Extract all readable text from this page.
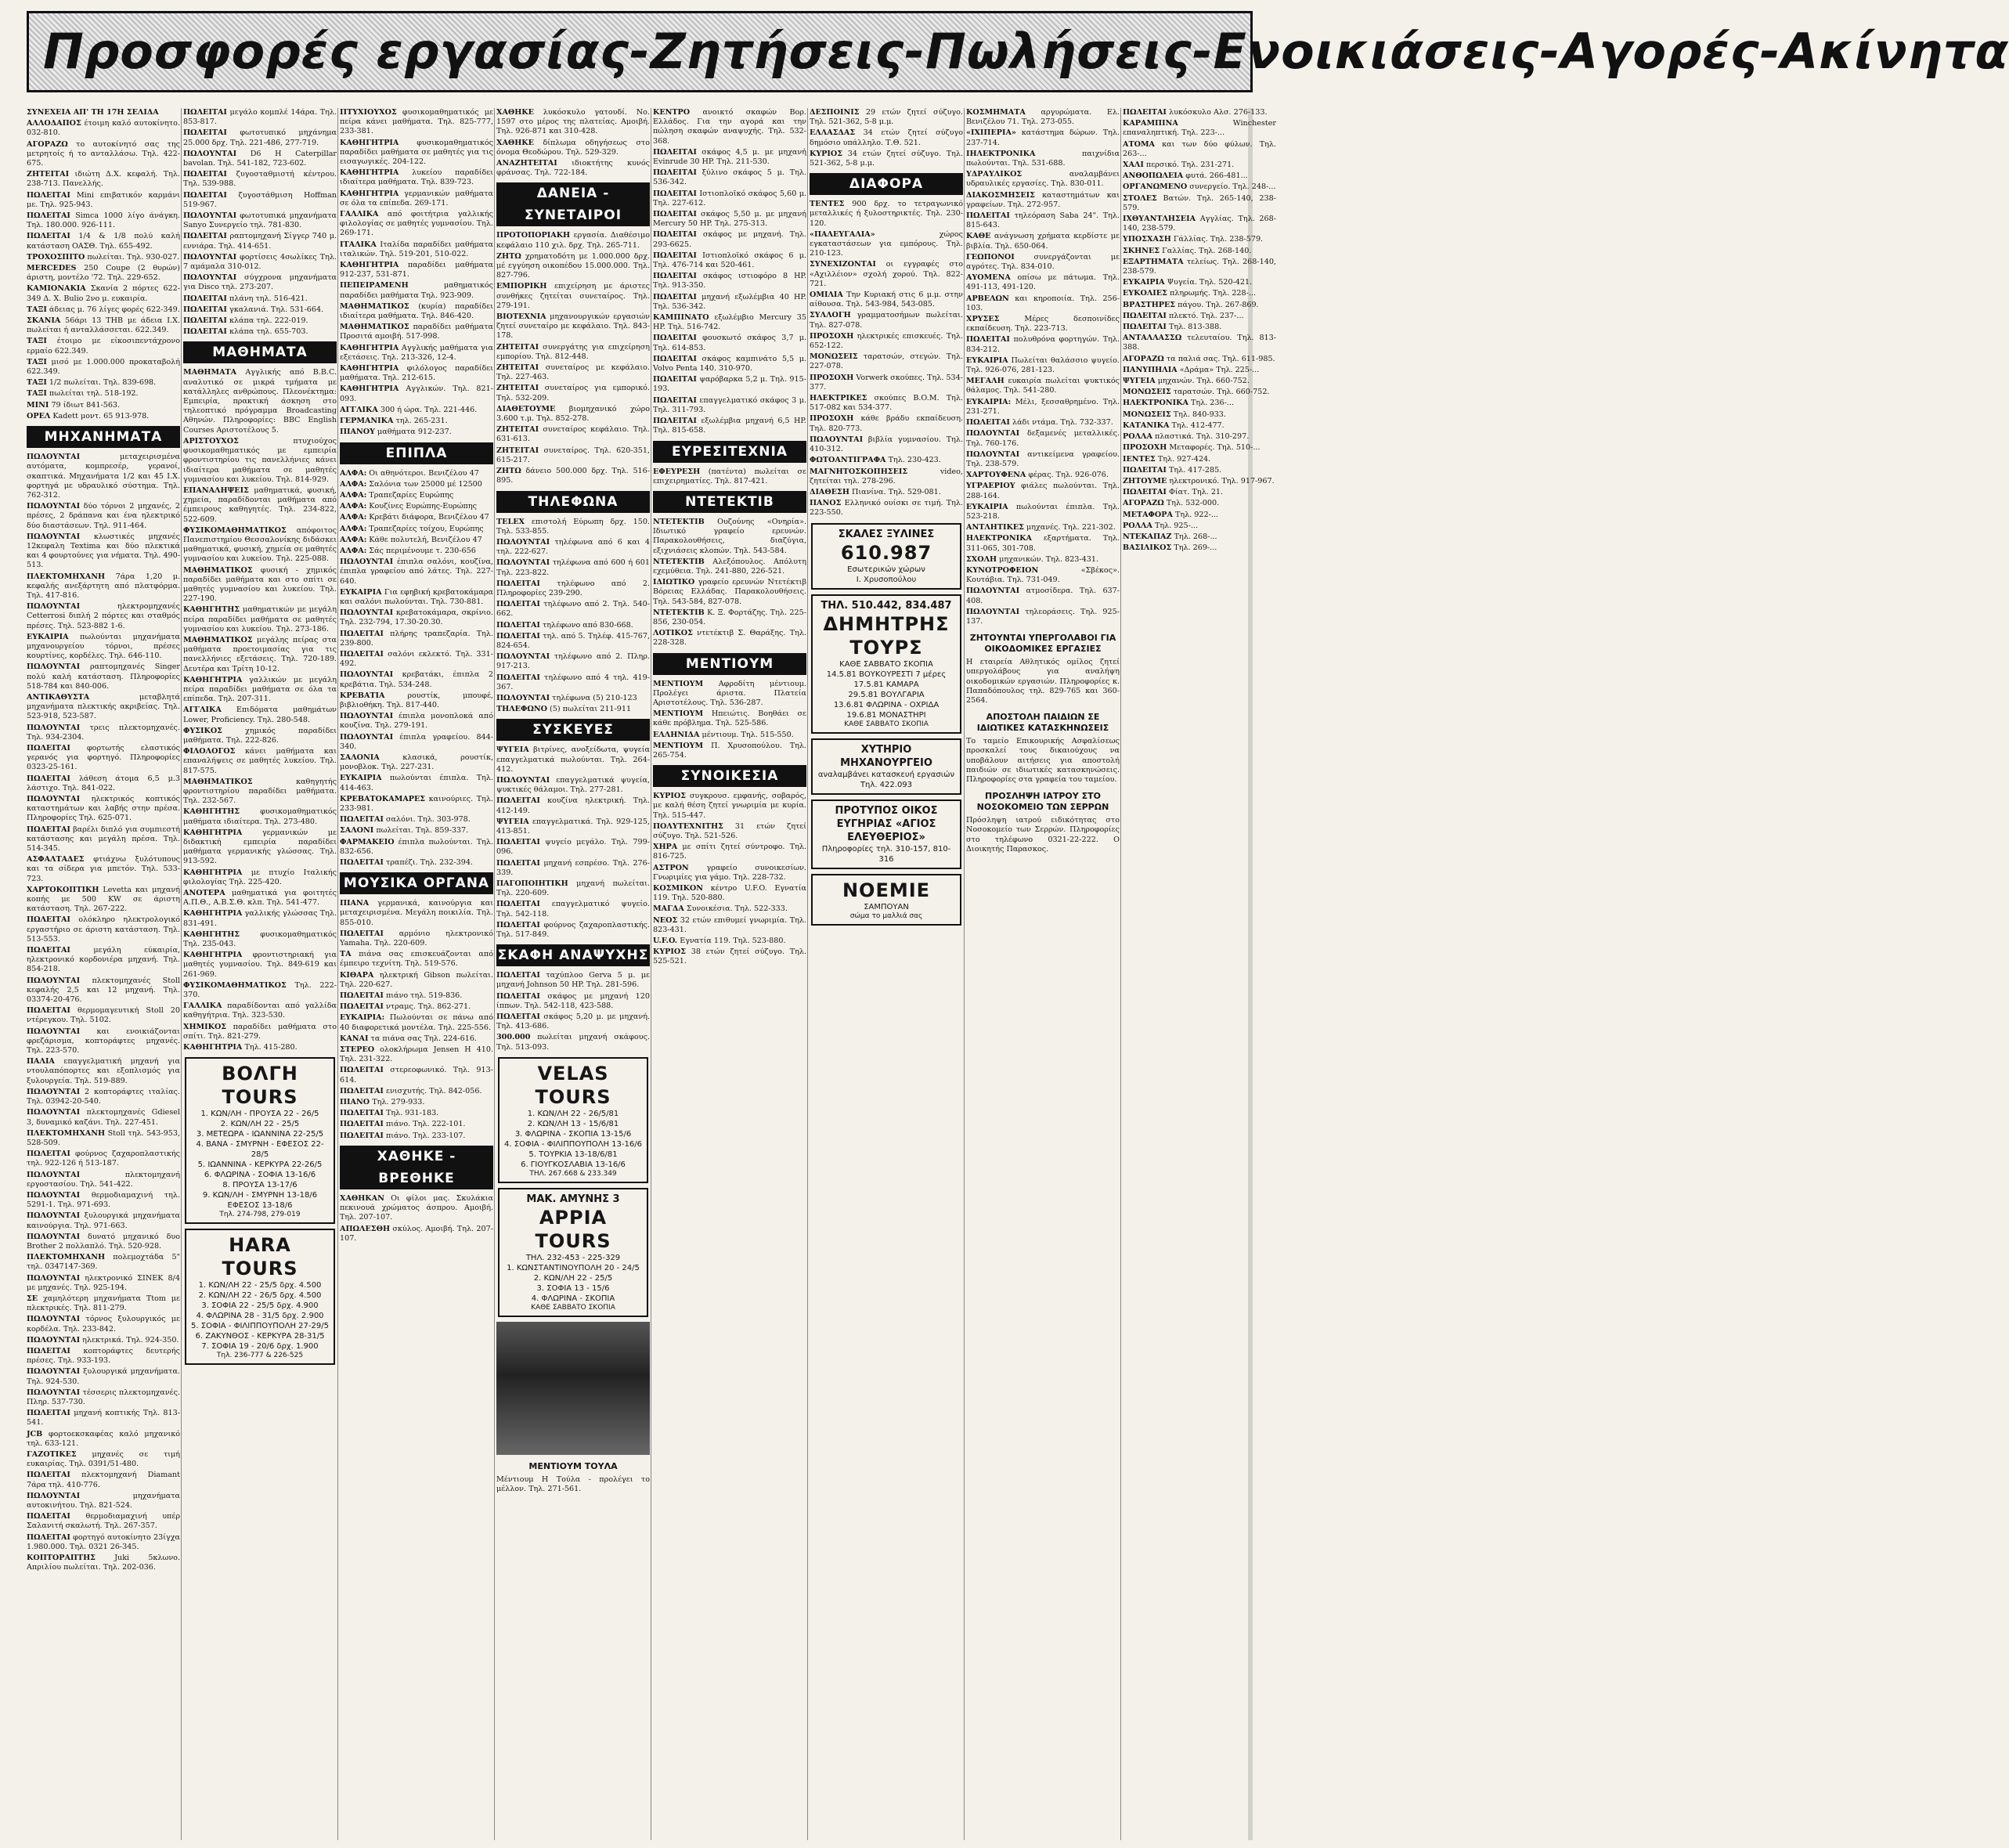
Προσφορές εργασίας-Ζητήσεις-Πωλήσεις-Ενοικιάσεις-Αγορές-Ακίνητα

ΣΥΝΕΧΕΙΑ ΑΠ' ΤΗ 17Η ΣΕΛΙΔΑ

ΑΛΛΟΔΑΠΟΣ έτοιμη καλό αυτοκίνητο. 032-810.

ΑΓΟΡΑΖΩ το αυτοκίνητό σας της μετρητοίς ή το ανταλλάσω. Τηλ. 422-675.

ΖΗΤΕΙΤΑΙ ιδιώτη Δ.Χ. κεφαλή. Τηλ. 238-713. Πανελλής.

ΠΩΛΕΙΤΑΙ Mini επιβατικόν καρμάνι με. Τηλ. 925-943.

ΠΩΛΕΙΤΑΙ Simca 1000 λίγο άνάγκη. Τηλ. 180.000. 926-111.

ΠΩΛΕΙΤΑΙ 1/4 & 1/8 πολύ καλή κατάσταση ΟΑΣΘ. Τηλ. 655-492.

ΤΡΟΧΟΣΠΙΤΟ πωλείται. Τηλ. 930-027.

MERCEDES 250 Coupe (2 θυρών) άριστη, μοντέλο '72. Τηλ. 229-652.

ΚΑΜΙΟΝΑΚΙΑ Σκανία 2 πόρτες 622-349 Δ. Χ. Bulio 2νο μ. ευκαιρία.

ΤΑΞΙ άδειας μ. 76 λίγες φορές 622-349.

ΣΚΑΝΙΑ 56άρι 13 ΤΗΒ με άδεια Ι.Χ. πωλείται ή ανταλλάσσεται. 622.349.

ΤΑΞΙ έτοιμο με είκοσιπεντάχρονο ερμαίο 622.349.

ΤΑΞΙ μισό με 1.000.000 προκαταβολή 622.349.

ΤΑΞΙ 1/2 πωλείται. Τηλ. 839-698.

ΤΑΞΙ πωλείται τηλ. 518-192.

MINI 79 ίδιωτ 841-563.

ΟΡΕΛ Kadett μοντ. 65 913-978.

ΜΗΧΑΝΗΜΑΤΑ

ΠΩΛΟΥΝΤΑΙ	μεταχειρισμένα αυτόματα, κομπρεσέρ, γερανοί, σκαπτικά. Μηχανήματα 1/2 και 45 Ι.Χ. φορτηγά με υδραυλικό σύστημα. Τηλ. 762-312.

ΠΩΛΟΥΝΤΑΙ δύο τόρνοι 2 μηχανές, 2 πρέσες, 2 δράπανα και ένα ηλεκτρικό δύο διαστάσεων. Τηλ. 911-464.

ΠΩΛΟΥΝΤΑΙ κλωστικές μηχανές 12κεφαλη Textima και δύο πλεκτικά και 4 φουρτούνες για νήματα. Τηλ. 490-513.

ΠΛΕΚΤΟΜΗΧΑΝΗ 7άρα 1,20 μ. κεφαλής ανεξάρτητη από πλατφόρμα. Τηλ. 417-816.

ΠΩΛΟΥΝΤΑΙ	ηλεκτρομηχανές Cetterrosi διπλή 2 πόρτες και σταθμός πρέσες. Τηλ. 523-882 1-6.

ΕΥΚΑΙΡΙΑ πωλούνται μηχανήματα μηχανουργείου τόρνοι, πρέσες κουρτίνες, κορδέλες. Τηλ. 646-110.

ΠΩΛΟΥΝΤΑΙ ραπτομηχανές Singer πολύ καλή κατάσταση. Πληροφορίες 518-784 και 840-006.

ΑΝΤΙΚΑΘΥΣΤΑ	μεταβλητά μηχανήματα πλεκτικής ακριβείας. Τηλ. 523-918, 523-587.

ΠΩΛΟΥΝΤΑΙ τρεις πλεκτομηχανές. Τηλ. 934-2304.

ΠΩΛΕΙΤΑΙ φορτωτής ελαστικός γερανός για φορτηγό. Πληροφορίες 0323-25-161.

ΠΩΛΕΙΤΑΙ λάθεση άτομα 6,5 μ.3 λάστιχο. Τηλ. 841-022.

ΠΩΛΟΥΝΤΑΙ ηλεκτρικός κοπτικός καταστημάτων και λαβής στην πρέσα. Πληροφορίες Τηλ. 625-071.

ΠΩΛΕΙΤΑΙ βαρέλι διπλό για συμπιεστή κατάστασης και μεγάλη πρέσα. Τηλ. 514-345.

ΑΣΦΑΛΤΑΔΕΣ φτιάχνω ξυλότυπους και τα σίδερα για μπετόν. Τηλ. 533-723.

ΧΑΡΤΟΚΟΠΤΙΚΗ Levetta και μηχανή κοπής με 500 KW σε άριστη κατάσταση. Τηλ. 267-222.

ΠΩΛΕΙΤΑΙ ολόκληρο ηλεκτρολογικό εργαστήριο σε άριστη κατάσταση. Τηλ. 513-553.

ΠΩΛΕΙΤΑΙ	μεγάλη εύκαιρία, ηλεκτρονικό κορδονιέρα μηχανή. Τηλ. 854-218.

ΠΩΛΟΥΝΤΑΙ πλεκτομηχανές Stoll κεφαλής 2,5 και 12 μηχανή. Τηλ. 03374-20-476.

ΠΩΛΕΙΤΑΙ θερμομαγευτική Stoll 20 ντέρεγκου. Τηλ. 5102.

ΠΩΛΟΥΝΤΑΙ και ενοικιάζονται φρεζάρισμα, κοπτοράφτες μηχανές. Τηλ. 223-570.

ΠΑΛΙΑ επαγγελματική μηχανή για ντουλαπόπορτες και εξοπλισμός για ξυλουργεία. Τηλ. 519-889.

ΠΩΛΟΥΝΤΑΙ 2 κοπτοράφτες ιταλίας. Τηλ. 03942-20-540.

ΠΩΛΟΥΝΤΑΙ πλεκτομηχανές Gdiesel 3, δυναμικό καζάνι. Τηλ. 227-451.

ΠΛΕΚΤΟΜΗΧΑΝΗ Stoll τηλ. 543-953, 528-509.

ΠΩΛΕΙΤΑΙ φούρνος ζαχαροπλαστικής τηλ. 922-126 ή 513-187.

ΠΩΛΟΥΝΤΑΙ	πλεκτομηχανή εργοστασίου. Τηλ. 541-422.

ΠΩΛΟΥΝΤΑΙ θερμοδιαμαχινή τηλ. 5291-1. Τηλ. 971-693.

ΠΩΛΟΥΝΤΑΙ ξυλουργικά μηχανήματα καινούργια. Τηλ. 971-663.

ΠΩΛΟΥΝΤΑΙ δυνατό μηχανικό δυο Brother 2 πολλαπλό. Τηλ. 520-928.

ΠΛΕΚΤΟΜΗΧΑΝΗ πολεμοχτάδα 5" τηλ. 0347147-369.

ΠΩΛΟΥΝΤΑΙ ηλεκτρονικό ΣΙΝΕΚ 8/4 με μηχανές. Τηλ. 925-194.

ΣΕ χαμηλότερη μηχανήματα Ttom με πλεκτρικές. Τηλ. 811-279.

ΠΩΛΟΥΝΤΑΙ τόρνος ξυλουργικός με κορδέλα. Τηλ. 233-842.

ΠΩΛΟΥΝΤΑΙ ηλεκτρικά. Τηλ. 924-350.

ΠΩΛΕΙΤΑΙ κοπτοράφτες δευτερής πρέσες. Τηλ. 933-193.

ΠΩΛΟΥΝΤΑΙ ξυλουργικά μηχανήματα. Τηλ. 924-530.

ΠΩΛΟΥΝΤΑΙ τέσσερις πλεκτομηχανές. Πληρ. 537-730.

ΠΩΛΕΙΤΑΙ μηχανή κοπτικής Τηλ. 813-541.

JCB φορτοεκσκαφέας καλό μηχανικό τηλ. 633-121.

ΓΑΖΟΤΙΚΕΣ μηχανές σε τιμή ευκαιρίας. Τηλ. 0391/51-480.

ΠΩΛΕΙΤΑΙ πλεκτομηχανή Diamant 7άρα τηλ. 410-776.

ΠΩΛΟΥΝΤΑΙ	μηχανήματα αυτοκινήτου. Τηλ. 821-524.

ΠΩΛΕΙΤΑΙ θερμοδιαμαχινή υπέρ Σαλανιτή σκαλωτή. Τηλ. 267-357.

ΠΩΛΕΙΤΑΙ φορτηγό αυτοκίνητο 23ίγχα 1.980.000. Τηλ. 0321 26-345.

ΚΟΠΤΟΡΑΠΤΗΣ	Juki 5κλωνο. Απριλίου πωλείται. Τηλ. 202-036.

ΠΩΛΕΙΤΑΙ μεγάλο κομπλέ 14άρα. Τηλ. 853-817.

ΠΩΛΕΙΤΑΙ φωτοτυπικό μηχάνημα 25.000 δρχ. Τηλ. 221-486, 277-719.

ΠΩΛΟΥΝΤΑΙ D6 Η Caterpillar bavolan. Τηλ. 541-182, 723-602.

ΠΩΛΕΙΤΑΙ ζυγοσταθμιστή κέντρου. Τηλ. 539-988.

ΠΩΛΕΙΤΑΙ ζυγοστάθμιση Hoffman 519-967.

ΠΩΛΟΥΝΤΑΙ φωτοτυπικά μηχανήματα Sanyo Συνεργείο τηλ. 781-830.

ΠΩΛΕΙΤΑΙ ραπτομηχανή Σίγγερ 740 μ. εννιάρα. Τηλ. 414-651.

ΠΩΛΟΥΝΤΑΙ φορτίσεις 4σωλίκες Τηλ. 7 αμάμαλα 310-012.

ΠΩΛΟΥΝΤΑΙ σύγχρονα μηχανήματα για Disco τηλ. 273-207.

ΠΩΛΕΙΤΑΙ πλάνη τηλ. 516-421.

ΠΩΛΕΙΤΑΙ γκαλανιά. Τηλ. 531-664.

ΠΩΛΕΙΤΑΙ κλάπα τηλ. 222-019.

ΠΩΛΕΙΤΑΙ κλάπα τηλ. 655-703.

ΜΑΘΗΜΑΤΑ

ΜΑΘΗΜΑΤΑ Αγγλικής από Β.Β.C. αναλυτικό σε μικρά τμήματα με κατάλληλες ανθρώπους. Πλεονέκτημα: Εμπειρία, πρακτική άσκηση στο τηλεοπτικό πρόγραμμα Broadcasting Αθηνών. Πληροφορίες: BBC English Courses Αριστοτέλους 5.

ΑΡΙΣΤΟΥΧΟΣ	πτυχιούχος φυσικομαθηματικός με εμπειρία φροντιστηρίου τις πανελλήνιες κάνει ιδιαίτερα μαθήματα σε μαθητές γυμνασίου και λυκείου. Τηλ. 814-929.

ΕΠΑΝΑΛΗΨΕΙΣ μαθηματικά, φυσική, χημεία, παραδίδονται μαθήματα από έμπειρους καθηγητές. Τηλ. 234-822, 522-609.

ΦΥΣΙΚΟΜΑΘΗΜΑΤΙΚΟΣ απόφοιτος Πανεπιστημίου Θεσσαλονίκης διδάσκει μαθηματικά, φυσική, χημεία σε μαθητές γυμνασίου και λυκείου. Τηλ. 225-088.

ΜΑΘΗΜΑΤΙΚΟΣ φυσική - χημικός παραδίδει μαθήματα και στο σπίτι σε μαθητές γυμνασίου και λυκείου. Τηλ. 227-190.

ΚΑΘΗΓΗΤΗΣ μαθηματικών με μεγάλη πείρα παραδίδει μαθήματα σε μαθητές γυμνασίου και λυκείου. Τηλ. 273-186.

ΜΑΘΗΜΑΤΙΚΟΣ μεγάλης πείρας στα μαθήματα προετοιμασίας για τις πανελλήνιες εξετάσεις. Τηλ. 720-189. Δευτέρα και Τρίτη 10-12.

ΚΑΘΗΓΗΤΡΙΑ γαλλικών με μεγάλη πείρα παραδίδει μαθήματα σε όλα τα επίπεδα. Τηλ. 207-311.

ΑΓΓΛΙΚΑ Επιδόματα μαθημάτων Lower, Proficiency. Τηλ. 280-548.

ΦΥΣΙΚΟΣ	χημικός παραδίδει μαθήματα. Τηλ. 222-826.

ΦΙΛΟΛΟΓΟΣ κάνει μαθήματα και επαναλήψεις σε μαθητές λυκείου. Τηλ. 817-575.

ΜΑΘΗΜΑΤΙΚΟΣ	καθηγητής φροντιστηρίου παραδίδει μαθήματα. Τηλ. 232-567.

ΚΑΘΗΓΗΤΗΣ	φυσικομαθηματικός μαθήματα ιδιαίτερα. Τηλ. 273-480.

ΚΑΘΗΓΗΤΡΙΑ	γερμανικών με διδακτική εμπειρία παραδίδει μαθήματα γερμανικής γλώσσας. Τηλ. 913-592.

ΚΑΘΗΓΗΤΡΙΑ με πτυχίο Ιταλικής φιλολογίας Τηλ. 225-420.

ΑΝΟΤΕΡΑ μαθηματικά για φοιτητές Α.Π.Θ., Α.Β.Σ.Θ. κλπ. Τηλ. 541-477.

ΚΑΘΗΓΗΤΡΙΑ γαλλικής γλώσσας Τηλ. 831-491.

ΚΑΘΗΓΗΤΗΣ	φυσικομαθηματικός Τηλ. 235-043.

ΚΑΘΗΓΗΤΡΙΑ φροντιστηριακή για μαθητές γυμνασίου. Τηλ. 849-619 και 261-969.

ΦΥΣΙΚΟΜΑΘΗΜΑΤΙΚΟΣ Τηλ. 222-370.

ΓΑΛΛΙΚΑ παραδίδονται από γαλλίδα καθηγήτρια. Τηλ. 323-530.

ΧΗΜΙΚΟΣ παραδίδει μαθήματα στο σπίτι. Τηλ. 821-279.

ΚΑΘΗΓΗΤΡΙΑ Τηλ. 415-280.

ΒΟΛΓΗ TOURS
1. ΚΩΝ/ΛΗ - ΠΡΟΥΣΑ 22 - 26/5
2. ΚΩΝ/ΛΗ 22 - 25/5
3. ΜΕΤΕΩΡΑ - ΙΩΑΝΝΙΝΑ 22-25/5
4. ΒΑΝΑ - ΣΜΥΡΝΗ - ΕΦΕΣΟΣ 22-28/5
5. ΙΩΑΝΝΙΝΑ - ΚΕΡΚΥΡΑ 22-26/5
6. ΦΛΩΡΙΝΑ - ΣΟΦΙΑ 13-16/6
8. ΠΡΟΥΣΑ 13-17/6
9. ΚΩΝ/ΛΗ - ΣΜΥΡΝΗ 13-18/6
ΕΦΕΣΟΣ 13-18/6
Τηλ. 274-798, 279-019
HARA TOURS
1. ΚΩΝ/ΛΗ 22 - 25/5 δρχ. 4.500
2. ΚΩΝ/ΛΗ 22 - 26/5 δρχ. 4.500
3. ΣΟΦΙΑ 22 - 25/5 δρχ. 4.900
4. ΦΛΩΡΙΝΑ 28 - 31/5 δρχ. 2.900
5. ΣΟΦΙΑ - ΦΙΛΙΠΠΟΥΠΟΛΗ 27-29/5
6. ΖΑΚΥΝΘΟΣ - ΚΕΡΚΥΡΑ 28-31/5
7. ΣΟΦΙΑ 19 - 20/6 δρχ. 1.900
Τηλ. 236-777 & 226-525

ΠΤΥΧΙΟΥΧΟΣ φυσικομαθηματικός με πείρα κάνει μαθήματα. Τηλ. 825-777, 233-381.

ΚΑΘΗΓΗΤΡΙΑ φυσικομαθηματικός παραδίδει μαθήματα σε μαθητές για τις εισαγωγικές. 204-122.

ΚΑΘΗΓΗΤΡΙΑ λυκείου παραδίδει ιδιαίτερα μαθήματα. Τηλ. 839-723.

ΚΑΘΗΓΗΤΡΙΑ γερμανικών μαθήματα σε όλα τα επίπεδα. 269-171.

ΓΑΛΛΙΚΑ από φοιτήτρια γαλλικής φιλολογίας σε μαθητές γυμνασίου. Τηλ. 269-171.

ΙΤΑΛΙΚΑ Ιταλίδα παραδίδει μαθήματα ιταλικών. Τηλ. 519-201, 510-022.

ΚΑΘΗΓΗΤΡΙΑ παραδίδει μαθήματα 912-237, 531-871.

ΠΕΠΕΙΡΑΜΕΝΗ	μαθηματικός παραδίδει μαθήματα Τηλ. 923-909.

ΜΑΘΗΜΑΤΙΚΟΣ (κυρία) παραδίδει ιδιαίτερα μαθήματα. Τηλ. 846-420.

ΜΑΘΗΜΑΤΙΚΟΣ παραδίδει μαθήματα Προσιτά αμοιβή. 517-998.

ΚΑΘΗΓΗΤΡΙΑ Αγγλικής μαθήματα για εξετάσεις. Τηλ. 213-326, 12-4.

ΚΑΘΗΓΗΤΡΙΑ φιλόλογος παραδίδει μαθήματα. Τηλ. 212-615.

ΚΑΘΗΓΗΤΡΙΑ Αγγλικών. Τηλ. 821-093.

ΑΓΓΛΙΚΑ 300 ή ώρα. Τηλ. 221-446.

ΓΕΡΜΑΝΙΚΑ τηλ. 265-231.

ΠΙΑΝΟΥ μαθήματα 912-237.

ΕΠΙΠΛΑ

ΑΛΦΑ: Οι αθηνότεροι. Βενιζέλου 47

ΑΛΦΑ: Σαλόνια των 25000 μέ 12500

ΑΛΦΑ: Τραπεζαρίες Ευρώπης

ΑΛΦΑ: Κουζίνες Ευρώπης-Ευρώπης

ΑΛΦΑ: Κρεβάτι διάφορα, Βενιζέλου 47

ΑΛΦΑ: Τραπεζαρίες τοίχου, Ευρώπης

ΑΛΦΑ: Κάθε πολυτελή, Βενιζέλου 47

ΑΛΦΑ: Σάς περιμένουμε τ. 230-656

ΠΩΛΟΥΝΤΑΙ έπιπλα σαλόνι, κουζίνα, έπιπλα γραφείου από λάτες. Τηλ. 227-640.

ΕΥΚΑΙΡΙΑ Για εφηβική κρεβατοκάμαρα και σαλόνι πωλούνται. Τηλ. 730-881.

ΠΩΛΟΥΝΤΑΙ κρεβατοκάμαρα, σκρίνιο. Τηλ. 232-794, 17.30-20.30.

ΠΩΛΕΙΤΑΙ πλήρης τραπεζαρία. Τηλ. 239-800.

ΠΩΛΕΙΤΑΙ σαλόνι εκλεκτό. Τηλ. 331-492.

ΠΩΛΟΥΝΤΑΙ κρεβατάκι, έπιπλα 2 κρεβάτια. Τηλ. 534-248.

ΚΡΕΒΑΤΙΑ	ρουστίκ, μπουφέ, βιβλιοθήκη. Τηλ. 817-440.

ΠΩΛΟΥΝΤΑΙ έπιπλα μονοπλοκά από κουζίνα. Τηλ. 279-191.

ΠΩΛΟΥΝΤΑΙ έπιπλα γραφείου. 844-340.

ΣΑΛΟΝΙΑ	κλασικά, ρουστίκ, μονοβλοκ. Τηλ. 227-231.

ΕΥΚΑΙΡΙΑ πωλούνται έπιπλα. Τηλ. 414-463.

ΚΡΕΒΑΤΟΚΑΜΑΡΕΣ καινούριες. Τηλ. 233-981.

ΠΩΛΕΙΤΑΙ σαλόνι. Τηλ. 303-978.

ΣΑΛΟΝΙ πωλείται. Τηλ. 859-337.

ΦΑΡΜΑΚΕΙΟ έπιπλα πωλούνται. Τηλ. 832-656.

ΠΩΛΕΙΤΑΙ τραπέζι. Τηλ. 232-394.

ΜΟΥΣΙΚΑ ΟΡΓΑΝΑ

ΠΙΑΝΑ γερμανικά, καινούργια και μεταχειρισμένα. Μεγάλη ποικιλία. Τηλ. 855-010.

ΠΩΛΕΙΤΑΙ αρμόνιο ηλεκτρονικό Yamaha. Τηλ. 220-609.

ΤΑ πιάνα σας επισκευάζονται από έμπειρο τεχνίτη. Τηλ. 519-576.

ΚΙΘΑΡΑ ηλεκτρική Gibson πωλείται. Τηλ. 220-627.

ΠΩΛΕΙΤΑΙ πιάνο τηλ. 519-836.

ΠΩΛΕΙΤΑΙ ντραμς. Τηλ. 862-271.

ΕΥΚΑΙΡΙΑ: Πωλούνται σε πάνω από 40 διαφορετικά μοντέλα. Τηλ. 225-556.

ΚΑΝΑΙ τα πιάνα σας Τηλ. 224-616.

ΣΤΕΡΕΟ ολοκλήρωμα Jensen Η 410. Τηλ. 231-322.

ΠΩΛΕΙΤΑΙ στερεοφωνικό. Τηλ. 913-614.

ΠΩΛΕΙΤΑΙ ενισχυτής. Τηλ. 842-056.

ΠΙΑΝΟ Τηλ. 279-933.

ΠΩΛΕΙΤΑΙ Τηλ. 931-183.

ΠΩΛΕΙΤΑΙ πιάνο. Τηλ. 222-101.

ΠΩΛΕΙΤΑΙ πιάνο. Τηλ. 233-107.

ΧΑΘΗΚΕ - ΒΡΕΘΗΚΕ

ΧΑΘΗΚΑΝ Οι φίλοι μας. Σκυλάκια πεκινουά χρώματος άσπρου. Αμοιβή. Τηλ. 207-107.

ΑΠΩΛΕΣΘΗ σκύλος. Αμοιβή. Τηλ. 207-107.

ΧΑΘΗΚΕ λυκόσκυλο γατουδί. Νο. 1597 στο μέρος της πλατείας. Αμοιβή. Τηλ. 926-871 και 310-428.

ΧΑΘΗΚΕ δίπλωμα οδηγήσεως στο όνομα Θεοδώρου. Τηλ. 529-329.

ΑΝΑΖΗΤΕΙΤΑΙ ιδιοκτήτης κυνός φράνσας. Τηλ. 722-184.

ΔΑΝΕΙΑ - ΣΥΝΕΤΑΙΡΟΙ

ΠΡΟΤΟΠΟΡΙΑΚΗ εργασία. Διαθέσιμο κεφάλαιο 110 χιλ. δρχ. Τηλ. 265-711.

ΖΗΤΩ χρηματοδότη με 1.000.000 δρχ. μέ εγγύηση οικοπέδου 15.000.000. Τηλ. 827-796.

ΕΜΠΟΡΙΚΗ επιχείρηση με άριστες συνθήκες ζητείται συνεταίρος. Τηλ. 279-191.

ΒΙΟΤΕΧΝΙΑ μηχανουργικών εργασιών ζητεί συνεταίρο με κεφάλαιο. Τηλ. 843-178.

ΖΗΤΕΙΤΑΙ συνεργάτης για επιχείρηση εμπορίου. Τηλ. 812-448.

ΖΗΤΕΙΤΑΙ συνεταίρος με κεφάλαιο. Τηλ. 227-463.

ΖΗΤΕΙΤΑΙ συνεταίρος για εμπορικό. Τηλ. 532-209.

ΔΙΑΘΕΤΟΥΜΕ βιομηχανικό χώρο 3.600 τ.μ. Τηλ. 852-278.

ΖΗΤΕΙΤΑΙ συνεταίρος κεφάλαιο. Τηλ. 631-613.

ΖΗΤΕΙΤΑΙ συνεταίρος. Τηλ. 620-351, 615-217.

ΖΗΤΩ δάνειο 500.000 δρχ. Τηλ. 516-895.

ΤΗΛΕΦΩΝΑ

TELEX επιστολή Εύρωπη δρχ. 150. Τηλ. 533-855.

ΠΩΛΟΥΝΤΑΙ τηλέφωνα από 6 και 4 τηλ. 222-627.

ΠΩΛΟΥΝΤΑΙ τηλέφωνα από 600 ή 601 Τηλ. 223-822.

ΠΩΛΕΙΤΑΙ τηλέφωνο από 2. Πληροφορίες 239-290.

ΠΩΛΕΙΤΑΙ τηλέφωνο από 2. Τηλ. 540-662.

ΠΩΛΕΙΤΑΙ τηλέφωνο από 830-668.

ΠΩΛΕΙΤΑΙ τηλ. από 5. Τηλέφ. 415-767, 824-654.

ΠΩΛΟΥΝΤΑΙ τηλέφωνο από 2. Πληρ. 917-213.

ΠΩΛΕΙΤΑΙ τηλέφωνο από 4 τηλ. 419-367.

ΠΩΛΟΥΝΤΑΙ τηλέφωνα (5) 210-123

ΤΗΛΕΦΩΝΟ (5) πωλείται 211-911

ΣΥΣΚΕΥΕΣ

ΨΥΓΕΙΑ βιτρίνες, ανοξείδωτα, ψυγεία επαγγελματικά πωλούνται. Τηλ. 264-412.

ΠΩΛΟΥΝΤΑΙ επαγγελματικά ψυγεία, ψυκτικές θάλαμοι. Τηλ. 277-281.

ΠΩΛΕΙΤΑΙ κουζίνα ηλεκτρική. Τηλ. 412-149.

ΨΥΓΕΙΑ επαγγελματικά. Τηλ. 929-125, 413-851.

ΠΩΛΕΙΤΑΙ ψυγείο μεγάλο. Τηλ. 799-096.

ΠΩΛΕΙΤΑΙ μηχανή εσπρέσο. Τηλ. 276-339.

ΠΑΓΟΠΟΙΗΤΙΚΗ μηχανή πωλείται. Τηλ. 220-609.

ΠΩΛΕΙΤΑΙ επαγγελματικό ψυγείο. Τηλ. 542-118.

ΠΩΛΕΙΤΑΙ φούρνος ζαχαροπλαστικής. Τηλ. 517-849.

ΣΚΑΦΗ ΑΝΑΨΥΧΗΣ

ΠΩΛΕΙΤΑΙ ταχύπλοο Gerva 5 μ. με μηχανή Johnson 50 HP. Τηλ. 281-596.

ΠΩΛΕΙΤΑΙ σκάφος με μηχανή 120 ίππων. Τηλ. 542-118, 423-588.

ΠΩΛΕΙΤΑΙ σκάφος 5,20 μ. με μηχανή. Τηλ. 413-686.

300.000 πωλείται μηχανή σκάφους. Τηλ. 513-093.

VELAS TOURS
1. ΚΩΝ/ΛΗ 22 - 26/5/81
2. ΚΩΝ/ΛΗ 13 - 15/6/81
3. ΦΛΩΡΙΝΑ - ΣΚΟΠΙΑ 13-15/6
4. ΣΟΦΙΑ - ΦΙΛΙΠΠΟΥΠΟΛΗ 13-16/6
5. ΤΟΥΡΚΙΑ 13-18/6/81
6. ΓΙΟΥΓΚΟΣΛΑΒΙΑ 13-16/6
ΤΗΛ. 267.668 & 233.349
ΜΑΚ. ΑΜΥΝΗΣ 3
APPIA TOURS
ΤΗΛ. 232-453 - 225-329
1. ΚΩΝΣΤΑΝΤΙΝΟΥΠΟΛΗ 20 - 24/5
2. ΚΩΝ/ΛΗ 22 - 25/5
3. ΣΟΦΙΑ 13 - 15/6
4. ΦΛΩΡΙΝΑ - ΣΚΟΠΙΑ
ΚΑΘΕ ΣΑΒΒΑΤΟ ΣΚΟΠΙΑ
ΜΕΝΤΙΟΥΜ ΤΟΥΛΑ

Μέντιουμ Η Τούλα - προλέγει το μέλλον. Τηλ. 271-561.

ΚΕΝΤΡΟ ανοικτό σκαφών Βορ. Ελλάδος. Για την αγορά και την πώληση σκαφών αναψυχής. Τηλ. 532-368.

ΠΩΛΕΙΤΑΙ σκάφος 4,5 μ. με μηχανή Evinrude 30 HP. Τηλ. 211-530.

ΠΩΛΕΙΤΑΙ ξύλινο σκάφος 5 μ. Τηλ. 536-342.

ΠΩΛΕΙΤΑΙ Ιστιοπλοϊκό σκάφος 5,60 μ. Τηλ. 227-612.

ΠΩΛΕΙΤΑΙ σκάφος 5,50 μ. με μηχανή Mercury 50 HP. Τηλ. 275-313.

ΠΩΛΕΙΤΑΙ σκάφος με μηχανή. Τηλ. 293-6625.

ΠΩΛΕΙΤΑΙ Ιστιοπλοϊκό σκάφος 6 μ. Τηλ. 476-714 και 520-461.

ΠΩΛΕΙΤΑΙ σκάφος ιστιοφόρο 8 HP. Τηλ. 913-350.

ΠΩΛΕΙΤΑΙ μηχανή εξωλέμβια 40 HP. Τηλ. 536-342.

ΚΑΜΠΙΝΑΤΟ εξωλέμβιο Mercury 35 HP. Τηλ. 516-742.

ΠΩΛΕΙΤΑΙ φουσκωτό σκάφος 3,7 μ. Τηλ. 614-853.

ΠΩΛΕΙΤΑΙ σκάφος καμπινάτο 5,5 μ. Volvo Penta 140. 310-970.

ΠΩΛΕΙΤΑΙ ψαρόβαρκα 5,2 μ. Τηλ. 915-193.

ΠΩΛΕΙΤΑΙ επαγγελματικό σκάφος 3 μ. Τηλ. 311-793.

ΠΩΛΕΙΤΑΙ εξωλέμβια μηχανή 6,5 HP. Τηλ. 815-658.

ΕΥΡΕΣΙΤΕΧΝΙΑ

ΕΦΕΥΡΕΣΗ (πατέντα) πωλείται σε επιχειρηματίες. Τηλ. 817-421.

ΝΤΕΤΕΚΤΙΒ

ΝΤΕΤΕΚΤΙΒ Ουζούνης «Ονηρία». Ιδιωτικό γραφείο ερευνών. Παρακολουθήσεις, διαζύγια, εξιχνιάσεις κλοπών. Τηλ. 543-584.

ΝΤΕΤΕΚΤΙΒ Αλεξόπουλος. Απόλυτη εχεμύθεια. Τηλ. 241-880, 226-521.

ΙΔΙΩΤΙΚΟ γραφείο ερευνών Ντετέκτιβ Βόρειας Ελλάδας. Παρακολουθήσεις. Τηλ. 543-584, 827-078.

ΝΤΕΤΕΚΤΙΒ Κ. Ξ. Φορτάζης. Τηλ. 225-856, 230-054.

ΛΟΤΙΚΟΣ ντετέκτιβ Σ. Θαράξης. Τηλ. 228-328.

ΜΕΝΤΙΟΥΜ

ΜΕΝΤΙΟΥΜ Αφροδίτη μέντιουμ. Προλέγει άριστα. Πλατεία Αριστοτέλους. Τηλ. 536-287.

ΜΕΝΤΙΟΥΜ Ηπειώτις. Βοηθάει σε κάθε πρόβλημα. Τηλ. 525-586.

ΕΛΛΗΝΙΔΑ μέντιουμ. Τηλ. 515-550.

ΜΕΝΤΙΟΥΜ Π. Χρυσοπούλου. Τηλ. 265-754.

ΣΥΝΟΙΚΕΣΙΑ

ΚΥΡΙΟΣ συγκρουσ. εμφανής, σοβαρός, με καλή θέση ζητεί γνωριμία με κυρία. Τηλ. 515-447.

ΠΟΛΥΤΕΧΝΙΤΗΣ 31 ετών ζητεί σύζυγο. Τηλ. 521-526.

ΧΗΡΑ με σπίτι ζητεί σύντροφο. Τηλ. 816-725.

ΑΣΤΡΟΝ γραφείο συνοικεσίων. Γνωριμίες για γάμο. Τηλ. 228-732.

ΚΟΣΜΙΚΟΝ κέντρο U.F.O. Εγνατία 119. Τηλ. 520-880.

ΜΑΓΔΑ Συνοικέσια. Τηλ. 522-333.

ΝΕΟΣ 32 ετών επιθυμεί γνωριμία. Τηλ. 823-431.

U.F.O. Εγνατία 119. Τηλ. 523-880.

ΚΥΡΙΟΣ 38 ετών ζητεί σύζυγο. Τηλ. 525-521.

ΔΕΣΠΟΙΝΙΣ 29 ετών ζητεί σύζυγο. Τηλ. 521-362, 5-8 μ.μ.

ΕΛΛΑΣΔΑΣ 34 ετών ζητεί σύζυγο δημόσιο υπάλληλο. Τ.Θ. 521.

ΚΥΡΙΟΣ 34 ετών ζητεί σύζυγο. Τηλ. 521-362, 5-8 μ.μ.

ΔΙΑΦΟΡΑ

ΤΕΝΤΕΣ 900 δρχ. το τετραγωνικό μεταλλικές ή ξυλοστηρικτές. Τηλ. 230-120.

«ΠΑΛΕΥΓΑΛΙΑ»	χώρος εγκαταστάσεων για εμπόρους. Τηλ. 210-123.

ΣΥΝΕΧΙΖΟΝΤΑΙ οι εγγραφές στο «Αχιλλέιον» σχολή χορού. Τηλ. 822-721.

ΟΜΙΛΙΑ Την Κυριακή στις 6 μ.μ. στην αίθουσα. Τηλ. 543-984, 543-085.

ΣΥΛΛΟΓΗ γραμματοσήμων πωλείται. Τηλ. 827-078.

ΠΡΟΣΟΧΗ ηλεκτρικές επισκευές. Τηλ. 652-122.

ΜΟΝΩΣΕΙΣ ταρατσών, στεγών. Τηλ. 227-078.

ΠΡΟΣΟΧΗ Vorwerk σκούπες. Τηλ. 534-377.

ΗΛΕΚΤΡΙΚΕΣ σκούπες B.O.M. Τηλ. 517-082 και 534-377.

ΠΡΟΣΟΧΗ κάθε βράδυ εκπαίδευση. Τηλ. 820-773.

ΠΩΛΟΥΝΤΑΙ βιβλία γυμνασίου. Τηλ. 410-312.

ΦΩΤΟΑΝΤΙΓΡΑΦΑ Τηλ. 230-423.

ΜΑΓΝΗΤΟΣΚΟΠΗΣΕΙΣ	video, ζητείται τηλ. 278-296.

ΔΙΑΘΕΣΗ Πιανίνα. Τηλ. 529-081.

ΠΑΝΟΣ Ελληνικό ουίσκι σε τιμή. Τηλ. 223-550.

ΣΚΑΛΕΣ ΞΥΛΙΝΕΣ
610.987
Εσωτερικών χώρων
I. Χρυσοπούλου
ΤΗΛ. 510.442, 834.487
ΔΗΜΗΤΡΗΣ ΤΟΥΡΣ
ΚΑΘΕ ΣΑΒΒΑΤΟ ΣΚΟΠΙΑ
14.5.81 ΒΟΥΚΟΥΡΕΣΤΙ 7 μέρες
17.5.81 ΚΑΜΑΡΑ
29.5.81 ΒΟΥΛΓΑΡΙΑ
13.6.81 ΦΛΩΡΙΝΑ - ΟΧΡΙΔΑ
19.6.81 ΜΟΝΑΣΤΗΡΙ
ΚΑΘΕ ΣΑΒΒΑΤΟ ΣΚΟΠΙΑ
ΧΥΤΗΡΙΟ ΜΗΧΑΝΟΥΡΓΕΙΟ
αναλαμβάνει κατασκευή εργασιών
Τηλ. 422.093
ΠΡΟΤΥΠΟΣ ΟΙΚΟΣ ΕΥΓΗΡΙΑΣ «ΑΓΙΟΣ ΕΛΕΥΘΕΡΙΟΣ»
Πληροφορίες τηλ. 310-157, 810-316
ΝΟΕΜΙΕ
ΣΑΜΠΟΥΑΝ
σώμα το μαλλιά σας

ΚΟΣΜΗΜΑΤΑ αργυρώματα. Ελ. Βενιζέλου 71. Τηλ. 273-055.

«ΙΧΙΠΕΡΙΑ» κατάστημα δώρων. Τηλ. 237-714.

ΙΗΛΕΚΤΡΟΝΙΚΑ	παιχνίδια πωλούνται. Τηλ. 531-688.

ΥΔΡΑΥΛΙΚΟΣ	αναλαμβάνει υδραυλικές εργασίες. Τηλ. 830-011.

ΔΙΑΚΟΣΜΗΣΕΙΣ καταστημάτων και γραφείων. Τηλ. 272-957.

ΠΩΛΕΙΤΑΙ τηλεόραση Saba 24". Τηλ. 815-643.

ΚΑΘΕ ανάγνωση χρήματα κερδίστε με βιβλία. Τηλ. 650-064.

ΓΕΩΠΟΝΟΙ	συνεργάζονται με αγρότες. Τηλ. 834-010.

ΑΥΟΜΕΝΑ οπίσω με πάτωμα. Τηλ. 491-113, 491-120.

ΑΡΒΕΛΩΝ και κηροποιία. Τηλ. 256-103.

ΧΡΥΣΕΣ	Μέρες δεσποινίδες εκπαίδευση. Τηλ. 223-713.

ΠΩΛΕΙΤΑΙ πολυθρόνα φορτηγών. Τηλ. 834-212.

ΕΥΚΑΙΡΙΑ Πωλείται θαλάσσιο ψυγείο. Τηλ. 926-076, 281-123.

ΜΕΓΑΛΗ ευκαιρία πωλείται ψυκτικός θάλαμος. Τηλ. 541-280.

ΕΥΚΑΙΡΙΑ: Μέλι, ξεσσαθρημένο. Τηλ. 231-271.

ΠΩΛΕΙΤΑΙ λάδι ντάμα. Τηλ. 732-337.

ΠΩΛΟΥΝΤΑΙ δεξαμενές μεταλλικές. Τηλ. 760-176.

ΠΩΛΟΥΝΤΑΙ αντικείμενα γραφείου. Τηλ. 238-579.

ΧΑΡΤΟΥΦΕΝΑ φέρας. Τηλ. 926-076.

ΥΓΡΑΕΡΙΟΥ φιάλες πωλούνται. Τηλ. 288-164.

ΕΥΚΑΙΡΙΑ πωλούνται έπιπλα. Τηλ. 523-218.

ΑΝΤΛΗΤΙΚΕΣ μηχανές. Τηλ. 221-302.

ΗΛΕΚΤΡΟΝΙΚΑ εξαρτήματα. Τηλ. 311-065, 301-708.

ΣΧΟΛΗ μηχανικών. Τηλ. 823-431.

ΚΥΝΟΤΡΟΦΕΙΟΝ	«Σβέκος». Κουτάβια. Τηλ. 731-049.

ΠΩΛΟΥΝΤΑΙ ατμοσίδερα. Τηλ. 637-408.

ΠΩΛΟΥΝΤΑΙ τηλεοράσεις. Τηλ. 925-137.

ΖΗΤΟΥΝΤΑΙ ΥΠΕΡΓΟΛΑΒΟΙ ΓΙΑ ΟΙΚΟΔΟΜΙΚΕΣ ΕΡΓΑΣΙΕΣ

Η εταιρεία Αθλητικός ομίλος ζητεί υπεργολάβους για αναλήψη οικοδομικών εργασιών. Πληροφορίες κ. Παπαδόπουλος τηλ. 829-765 και 360-2564.

ΑΠΟΣΤΟΛΗ ΠΑΙΔΙΩΝ ΣΕ ΙΔΙΩΤΙΚΕΣ ΚΑΤΑΣΚΗΝΩΣΕΙΣ

Το ταμείο Επικουρικής Ασφαλίσεως προσκαλεί τους δικαιούχους να υποβάλουν αιτήσεις για αποστολή παιδιών σε ιδιωτικές κατασκηνώσεις. Πληροφορίες στα γραφεία του ταμείου.

ΠΡΟΣΛΗΨΗ ΙΑΤΡΟΥ ΣΤΟ ΝΟΣΟΚΟΜΕΙΟ ΤΩΝ ΣΕΡΡΩΝ

Πρόσληψη ιατρού ειδικότητας στο Νοσοκομείο των Σερρών. Πληροφορίες στο τηλέφωνο 0321-22-222. Ο Διοικητής Παρασκος.

ΠΩΛΕΙΤΑΙ λυκόσκυλο Αλσ. 276-133.

ΚΑΡΑΜΠΙΝΑ	Winchester επαναληπτική. Τηλ. 223-...

ΑΤΟΜΑ και των δύο φύλων. Τηλ. 263-...

ΧΑΛΙ περσικό. Τηλ. 231-271.

ΑΝΘΟΠΩΛΕΙΑ φυτά. 266-481...

ΟΡΓΑΝΩΜΕΝΟ συνεργείο. Τηλ. 248-...

ΣΤΟΛΕΣ Βατών. Τηλ. 265-140, 238-579.

ΙΧΘΥΑΝΤΛΗΣΕΙΑ Αγγλίας. Τηλ. 268-140, 238-579.

ΥΠΟΣΧΑΣΗ Γάλλίας. Τηλ. 238-579.

ΣΚΗΝΕΣ Γαλλίας. Τηλ. 268-140.

ΕΞΑΡΤΗΜΑΤΑ τελείως. Τηλ. 268-140, 238-579.

ΕΥΚΑΙΡΙΑ Ψυγεία. Τηλ. 520-421.

ΕΥΚΟΛΙΕΣ πληρωμής. Τηλ. 228-...

ΒΡΑΣΤΗΡΕΣ πάγου. Τηλ. 267-869.

ΠΩΛΕΙΤΑΙ πλεκτό. Τηλ. 237-...

ΠΩΛΕΙΤΑΙ Τηλ. 813-388.

ΑΝΤΑΛΛΑΣΣΩ τελευταίου. Τηλ. 813-388.

ΑΓΟΡΑΖΩ τα παλιά σας. Τηλ. 611-985.

ΠΑΝΥΠΗΛΙΑ «Δράμα» Τηλ. 225-...

ΨΥΓΕΙΑ μηχανών. Τηλ. 660-752.

ΜΟΝΩΣΕΙΣ ταρατσών. Τηλ. 660-752.

ΗΛΕΚΤΡΟΝΙΚΑ Τηλ. 236-...

ΜΟΝΩΣΕΙΣ Τηλ. 840-933.

ΚΑΤΑΝΙΚΑ Τηλ. 412-477.

ΡΟΛΛΑ πλαστικά. Τηλ. 310-297.

ΠΡΟΣΟΧΗ Μεταφορές. Τηλ. 510-...

ΙΕΝΤΕΣ Τηλ. 927-424.

ΠΩΛΕΙΤΑΙ Τηλ. 417-285.

ΖΗΤΟΥΜΕ ηλεκτρονικό. Τηλ. 917-967.

ΠΩΛΕΙΤΑΙ Φίατ. Τηλ. 21.

ΑΓΟΡΑΖΩ Τηλ. 532-000.

ΜΕΤΑΦΟΡΑ Τηλ. 922-...

ΡΟΛΛΑ Τηλ. 925-...

ΝΤΕΚΑΠΑΖ Τηλ. 268-...

ΒΑΣΙΛΙΚΟΣ Τηλ. 269-...
